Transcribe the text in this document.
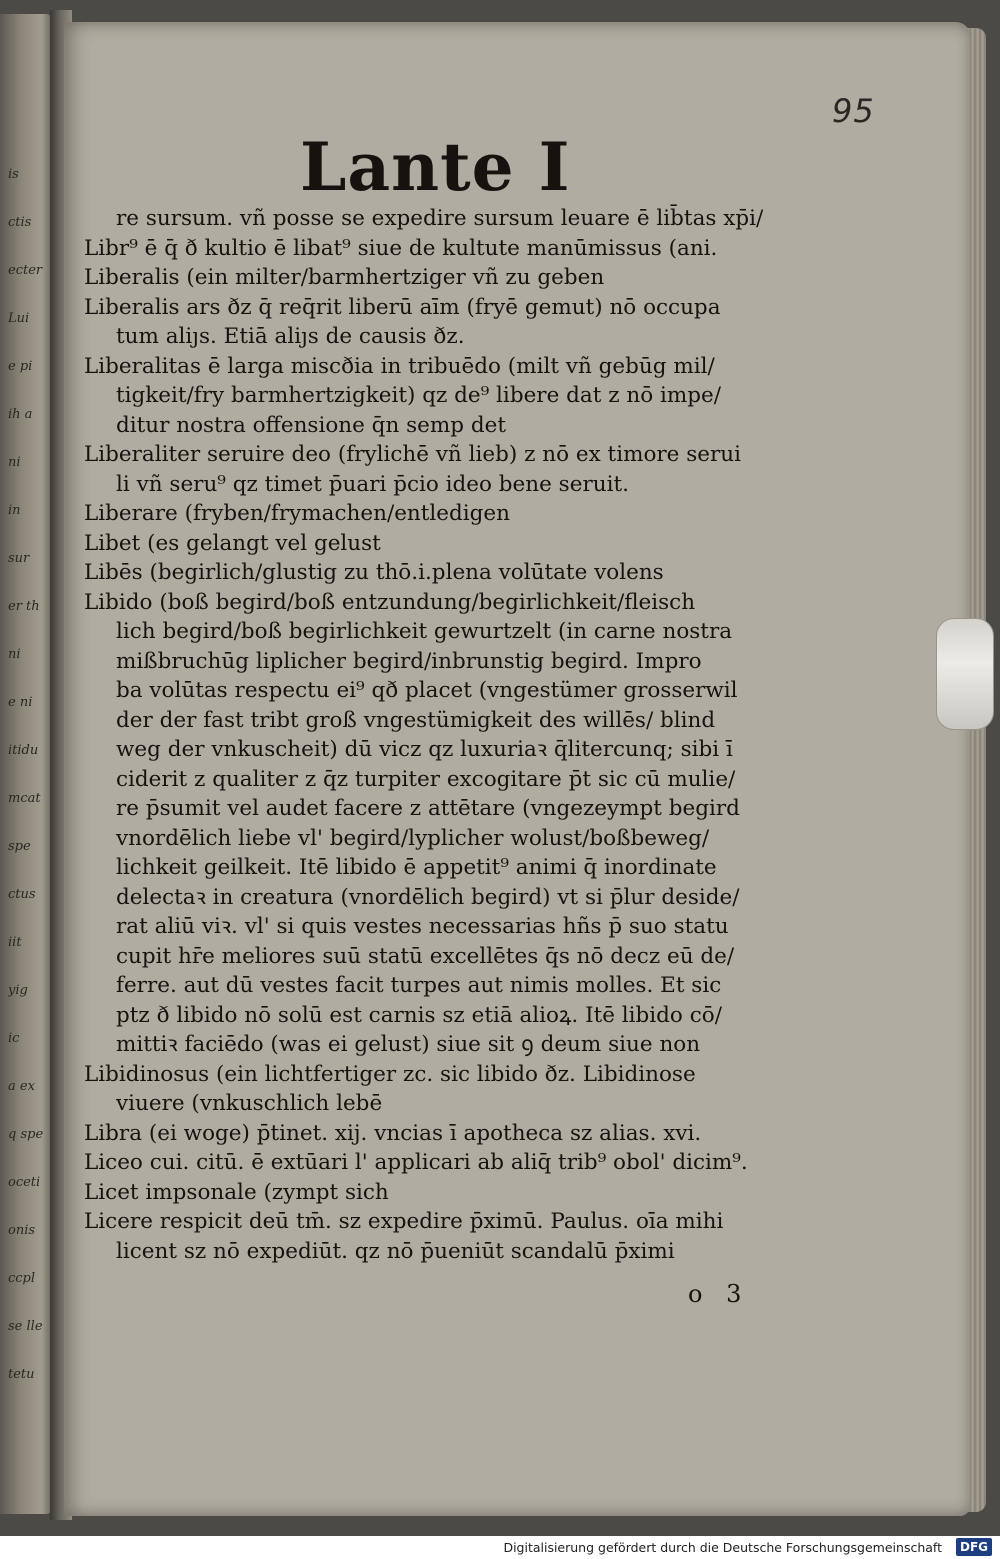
is
ctis
ecter
Lui
e pi
ih a
ni
in
sur
er th
ni
e ni
itidu
mcat
spe
ctus
iit
yig
ic
a ex
q spe
oceti
onis
ccpl
se lle
tetu
95
Lante I
re sursum. vñ posse se expedire sursum leuare ē lib̄tas xp̄i/
Libr⁹ ē q̄ ð kultio ē libat⁹ siue de kultute manūmissus (ani.
Liberalis (ein milter/barmhertziger vñ zu geben
Liberalis ars ðz q̄ req̄rit liberū aīm (fryē gemut) nō occupa
tum aliȷs. Etiā aliȷs de causis ðz.
Liberalitas ē larga miscðia in tribuēdo (milt vñ gebūg mil/
tigkeit/fry barmhertzigkeit) qz de⁹ libere dat z nō impe/
ditur nostra offensione q̄n semp det
Liberaliter seruire deo (frylichē vñ lieb) z nō ex timore serui
li vñ seru⁹ qz timet p̄uari p̄cio ideo bene seruit.
Liberare (fryben/frymachen/entledigen
Libet (es gelangt vel gelust
Libēs (begirlich/glustig zu thō.i.plena volūtate volens
Libido (boß begird/boß entzundung/begirlichkeit/fleisch
lich begird/boß begirlichkeit gewurtzelt (in carne nostra
mißbruchūg liplicher begird/inbrunstig begird. Impro
ba volūtas respectu ei⁹ qð placet (vngestümer grosserwil
der der fast tribt groß vngestümigkeit des willēs/ blind
weg der vnkuscheit) dū vicz qz luxuriaꝛ q̄litercunq; sibi ī
ciderit z qualiter z q̄z turpiter excogitare p̄t sic cū mulie/
re p̄sumit vel audet facere z attētare (vngezeympt begird
vnordēlich liebe vl' begird/lyplicher wolust/boßbeweg/
lichkeit geilkeit. Itē libido ē appetit⁹ animi q̄ inordinate
delectaꝛ in creatura (vnordēlich begird) vt si p̄lur deside/
rat aliū viꝛ. vl' si quis vestes necessarias hñs p̄ suo statu
cupit hr̄e meliores suū statū excellētes q̄s nō decz eū de/
ferre. aut dū vestes facit turpes aut nimis molles. Et sic
ptz ð libido nō solū est carnis sz etiā alioꝝ. Itē libido cō/
mittiꝛ faciēdo (was ei gelust) siue sit ꝯ deum siue non
Libidinosus (ein lichtfertiger zc. sic libido ðz. Libidinose
viuere (vnkuschlich lebē
Libra (ei woge) p̄tinet. xij. vncias ī apotheca sz alias. xvi.
Liceo cui. citū. ē extūari l' applicari ab aliq̄ trib⁹ obol' dicim⁹.
Licet impsonale (zympt sich
Licere respicit deū tm̄. sz expedire p̄ximū. Paulus. oīa mihi
licent sz nō expediūt. qz nō p̄ueniūt scandalū p̄ximi
o 3
Digitalisierung gefördert durch die Deutsche Forschungsgemeinschaft	DFG
